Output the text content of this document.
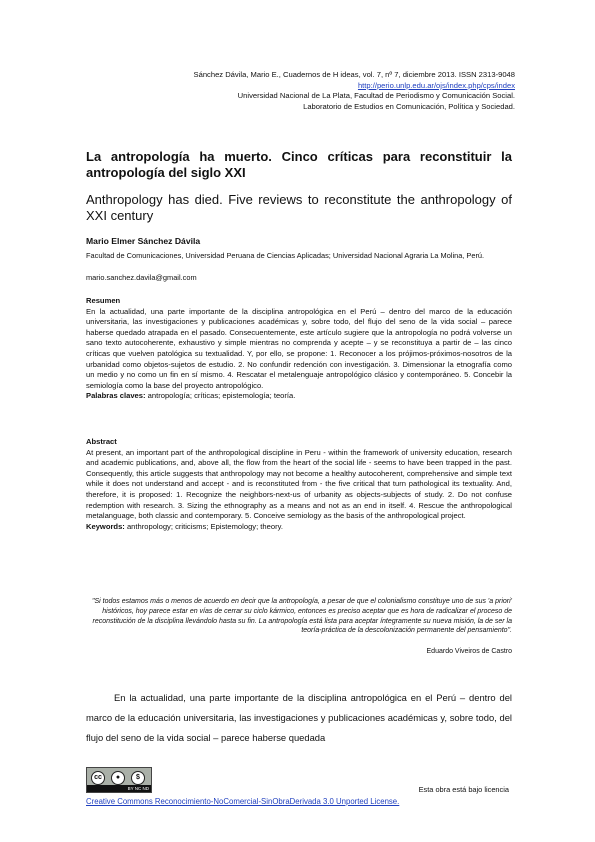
Sánchez Dávila, Mario E., Cuadernos de H ideas, vol. 7, nº 7, diciembre 2013. ISSN 2313-9048
http://perio.unlp.edu.ar/ojs/index.php/cps/index
Universidad Nacional de La Plata, Facultad de Periodismo y Comunicación Social.
Laboratorio de Estudios en Comunicación, Política y Sociedad.
La antropología ha muerto. Cinco críticas para reconstituir la antropología del siglo XXI
Anthropology has died. Five reviews to reconstitute the anthropology of XXI century
Mario Elmer Sánchez Dávila
Facultad de Comunicaciones, Universidad Peruana de Ciencias Aplicadas; Universidad Nacional Agraria La Molina, Perú.
mario.sanchez.davila@gmail.com
Resumen
En la actualidad, una parte importante de la disciplina antropológica en el Perú – dentro del marco de la educación universitaria, las investigaciones y publicaciones académicas y, sobre todo, del flujo del seno de la vida social – parece haberse quedado atrapada en el pasado. Consecuentemente, este artículo sugiere que la antropología no podrá volverse un sano texto autocoherente, exhaustivo y simple mientras no comprenda y acepte – y se reconstituya a partir de – las cinco críticas que vuelven patológica su textualidad. Y, por ello, se propone: 1. Reconocer a los prójimos-próximos-nosotros de la urbanidad como objetos-sujetos de estudio. 2. No confundir redención con investigación. 3. Dimensionar la etnografía como un medio y no como un fin en sí mismo. 4. Rescatar el metalenguaje antropológico clásico y contemporáneo. 5. Concebir la semiología como la base del proyecto antropológico.
Palabras claves: antropología; críticas; epistemología; teoría.
Abstract
At present, an important part of the anthropological discipline in Peru - within the framework of university education, research and academic publications, and, above all, the flow from the heart of the social life - seems to have been trapped in the past. Consequently, this article suggests that anthropology may not become a healthy autocoherent, comprehensive and simple text while it does not understand and accept - and is reconstituted from - the five critical that turn pathological its textuality. And, therefore, it is proposed: 1. Recognize the neighbors-next-us of urbanity as objects-subjects of study. 2. Do not confuse redemption with research. 3. Sizing the ethnography as a means and not as an end in itself. 4. Rescue the anthropological metalanguage, both classic and contemporary. 5. Conceive semiology as the basis of the anthropological project.
Keywords: anthropology; criticisms; Epistemology; theory.
"Si todos estamos más o menos de acuerdo en decir que la antropología, a pesar de que el colonialismo constituye uno de sus 'a priori' históricos, hoy parece estar en vías de cerrar su ciclo kármico, entonces es preciso aceptar que es hora de radicalizar el proceso de reconstitución de la disciplina llevándolo hasta su fin. La antropología está lista para aceptar íntegramente su nueva misión, la de ser la teoría-práctica de la descolonización permanente del pensamiento".
Eduardo Viveiros de Castro
En la actualidad, una parte importante de la disciplina antropológica en el Perú – dentro del marco de la educación universitaria, las investigaciones y publicaciones académicas y, sobre todo, del flujo del seno de la vida social – parece haberse quedada
cc	●	$
BY NC ND	Esta obra está bajo licencia
Creative Commons Reconocimiento-NoComercial-SinObraDerivada 3.0 Unported License.
